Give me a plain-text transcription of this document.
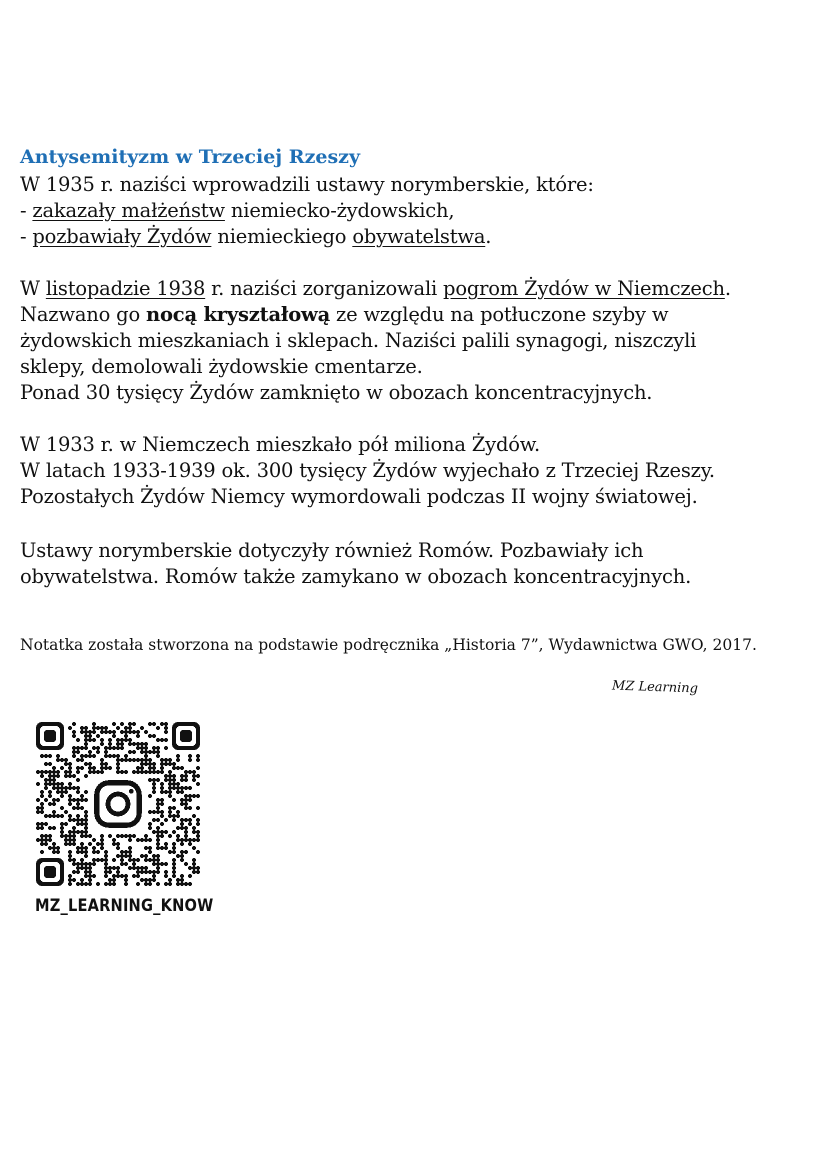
Antysemityzm w Trzeciej Rzeszy
W 1935 r. naziści wprowadzili ustawy norymberskie, które:
- zakazały małżeństw niemiecko-żydowskich,
- pozbawiały Żydów niemieckiego obywatelstwa.
W listopadzie 1938 r. naziści zorganizowali pogrom Żydów w Niemczech.
Nazwano go nocą kryształową ze względu na potłuczone szyby w
żydowskich mieszkaniach i sklepach. Naziści palili synagogi, niszczyli
sklepy, demolowali żydowskie cmentarze.
Ponad 30 tysięcy Żydów zamknięto w obozach koncentracyjnych.
W 1933 r. w Niemczech mieszkało pół miliona Żydów.
W latach 1933-1939 ok. 300 tysięcy Żydów wyjechało z Trzeciej Rzeszy.
Pozostałych Żydów Niemcy wymordowali podczas II wojny światowej.
Ustawy norymberskie dotyczyły również Romów. Pozbawiały ich
obywatelstwa. Romów także zamykano w obozach koncentracyjnych.
Notatka została stworzona na podstawie podręcznika „Historia 7”, Wydawnictwa GWO, 2017.
MZ Learning
MZ_LEARNING_KNOW
